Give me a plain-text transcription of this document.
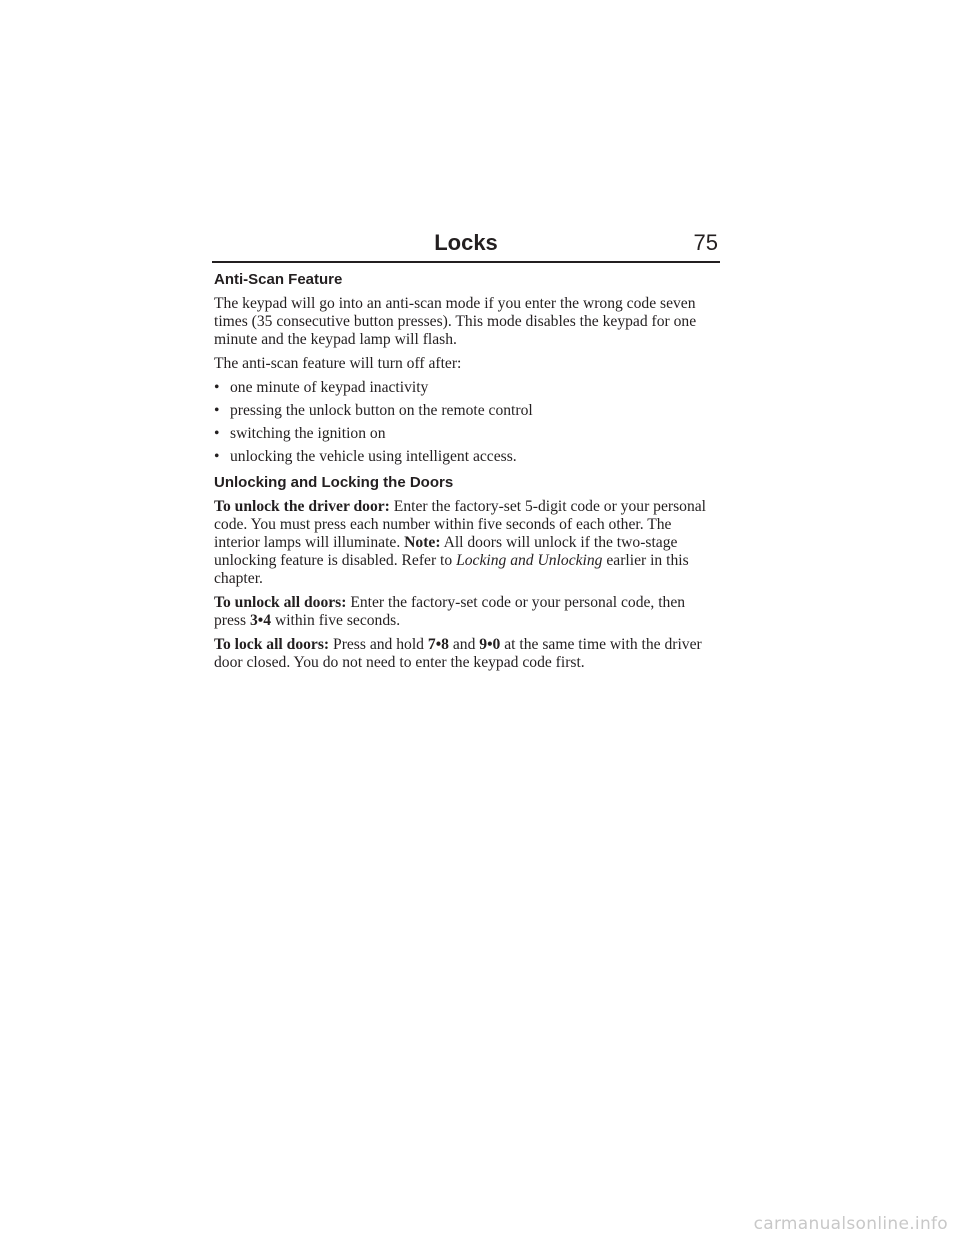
Locks	75
Anti-Scan Feature

The keypad will go into an anti-scan mode if you enter the wrong code seven times (35 consecutive button presses). This mode disables the keypad for one minute and the keypad lamp will flash.

The anti-scan feature will turn off after:

• one minute of keypad inactivity
• pressing the unlock button on the remote control
• switching the ignition on
• unlocking the vehicle using intelligent access.
Unlocking and Locking the Doors

To unlock the driver door: Enter the factory-set 5-digit code or your personal code. You must press each number within five seconds of each other. The interior lamps will illuminate. Note: All doors will unlock if the two-stage unlocking feature is disabled. Refer to Locking and Unlocking earlier in this chapter.

To unlock all doors: Enter the factory-set code or your personal code, then press 3•4 within five seconds.

To lock all doors: Press and hold 7•8 and 9•0 at the same time with the driver door closed. You do not need to enter the keypad code first.

carmanualsonline.info
